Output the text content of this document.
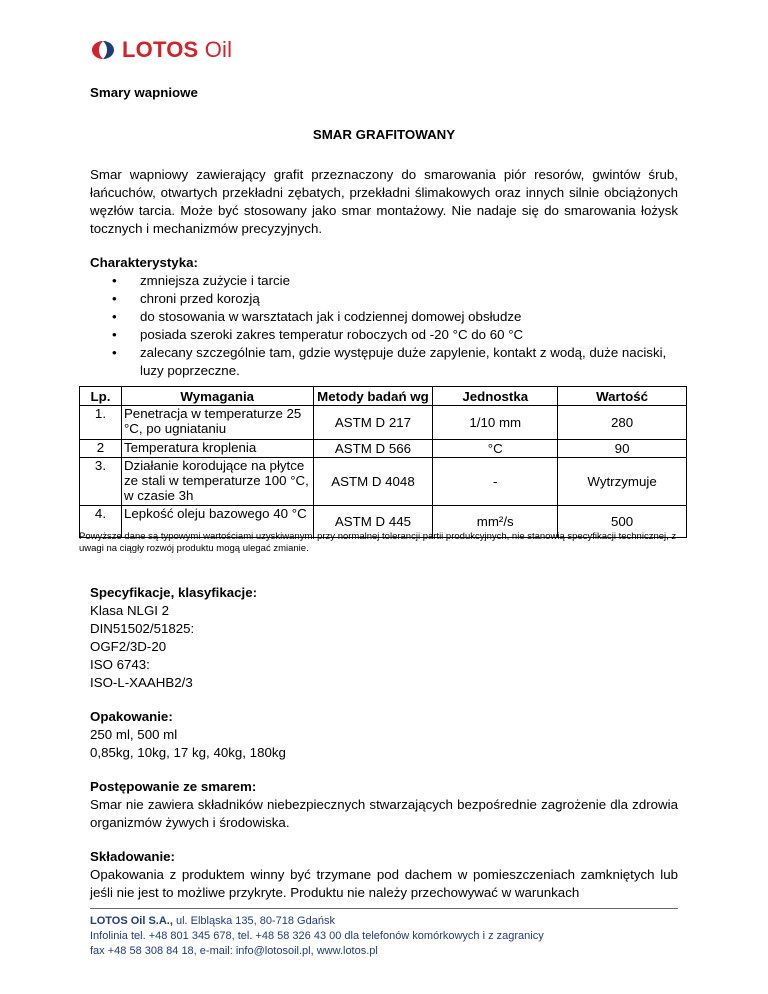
LOTOS Oil

Smary wapniowe

SMAR GRAFITOWANY

Smar wapniowy zawierający grafit przeznaczony do smarowania piór resorów, gwintów śrub, łańcuchów, otwartych przekładni zębatych, przekładni ślimakowych oraz innych silnie obciążonych węzłów tarcia. Może być stosowany jako smar montażowy. Nie nadaje się do smarowania łożysk tocznych i mechanizmów precyzyjnych.

Charakterystyka:

• zmniejsza zużycie i tarcie
• chroni przed korozją
• do stosowania w warsztatach jak i codziennej domowej obsłudze
• posiada szeroki zakres temperatur roboczych od -20 °C do 60 °C
• zalecany szczególnie tam, gdzie występuje duże zapylenie, kontakt z wodą, duże naciski, luzy poprzeczne.
Lp.	Wymagania	Metody badań wg	Jednostka	Wartość
1.	Penetracja w temperaturze 25 °C, po ugniataniu	ASTM D 217	1/10 mm	280
2	Temperatura kroplenia	ASTM D 566	°C	90
3.	Działanie korodujące na płytce ze stali w temperaturze 100 °C, w czasie 3h	ASTM D 4048	-	Wytrzymuje
4.	Lepkość oleju bazowego 40 °C	ASTM D 445	mm²/s	500
Powyższe dane są typowymi wartościami uzyskiwanymi przy normalnej tolerancji partii produkcyjnych, nie stanowią specyfikacji technicznej, z uwagi na ciągły rozwój produktu mogą ulegać zmianie.

Specyfikacje, klasyfikacje:

Klasa NLGI 2

DIN51502/51825:

OGF2/3D-20

ISO 6743:

ISO-L-XAAHB2/3

Opakowanie:

250 ml, 500 ml

0,85kg, 10kg, 17 kg, 40kg, 180kg

Postępowanie ze smarem:

Smar nie zawiera składników niebezpiecznych stwarzających bezpośrednie zagrożenie dla zdrowia organizmów żywych i środowiska.

Składowanie:

Opakowania z produktem winny być trzymane pod dachem w pomieszczeniach zamkniętych lub jeśli nie jest to możliwe przykryte. Produktu nie należy przechowywać w warunkach

LOTOS Oil S.A., ul. Elbląska 135, 80-718 Gdańsk
Infolinia tel. +48 801 345 678, tel. +48 58 326 43 00 dla telefonów komórkowych i z zagranicy
fax +48 58 308 84 18, e-mail: info@lotosoil.pl, www.lotos.pl
